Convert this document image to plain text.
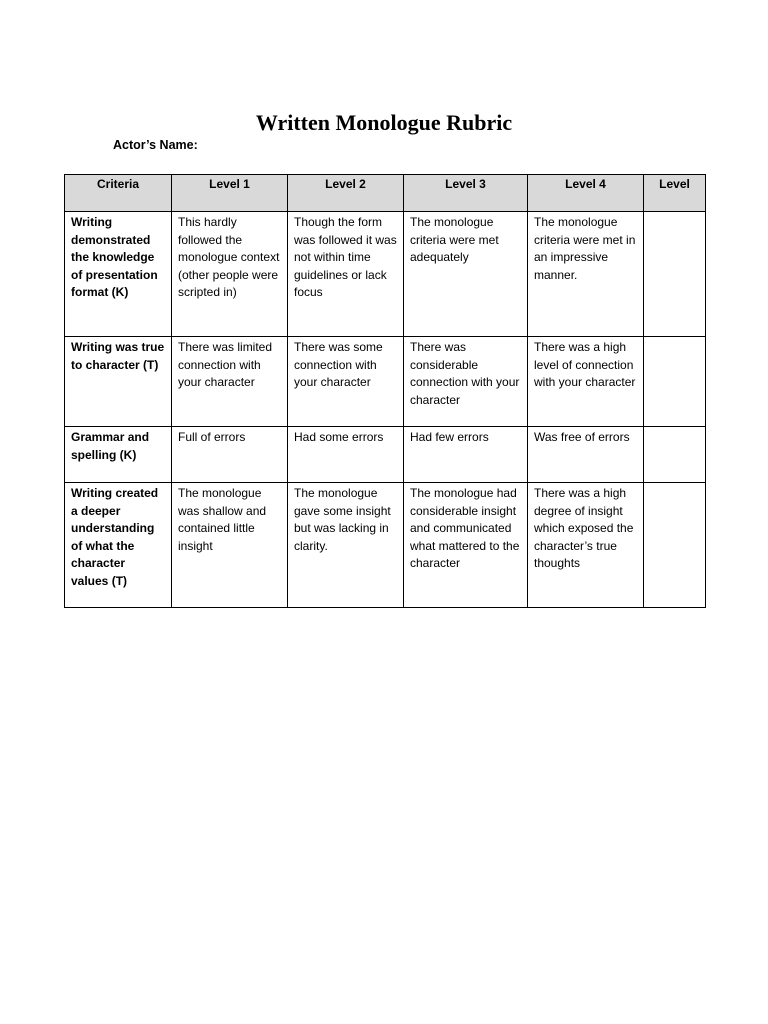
Written Monologue Rubric
Actor’s Name:
Criteria	Level 1	Level 2	Level 3	Level 4	Level
Writing demonstrated the knowledge of presentation format (K)	This hardly followed the monologue context (other people were scripted in)	Though the form was followed it was not within time guidelines or lack focus	The monologue criteria were met adequately	The monologue criteria were met in an impressive manner.	
Writing was true to character (T)	There was limited connection with your character	There was some connection with your character	There was considerable connection with your character	There was a high level of connection with your character	
Grammar and spelling (K)	Full of errors	Had some errors	Had few errors	Was free of errors	
Writing created a deeper understanding of what the character values (T)	The monologue was shallow and contained little insight	The monologue gave some insight but was lacking in clarity.	The monologue had considerable insight and communicated what mattered to the character	There was a high degree of insight which exposed the character’s true thoughts	
